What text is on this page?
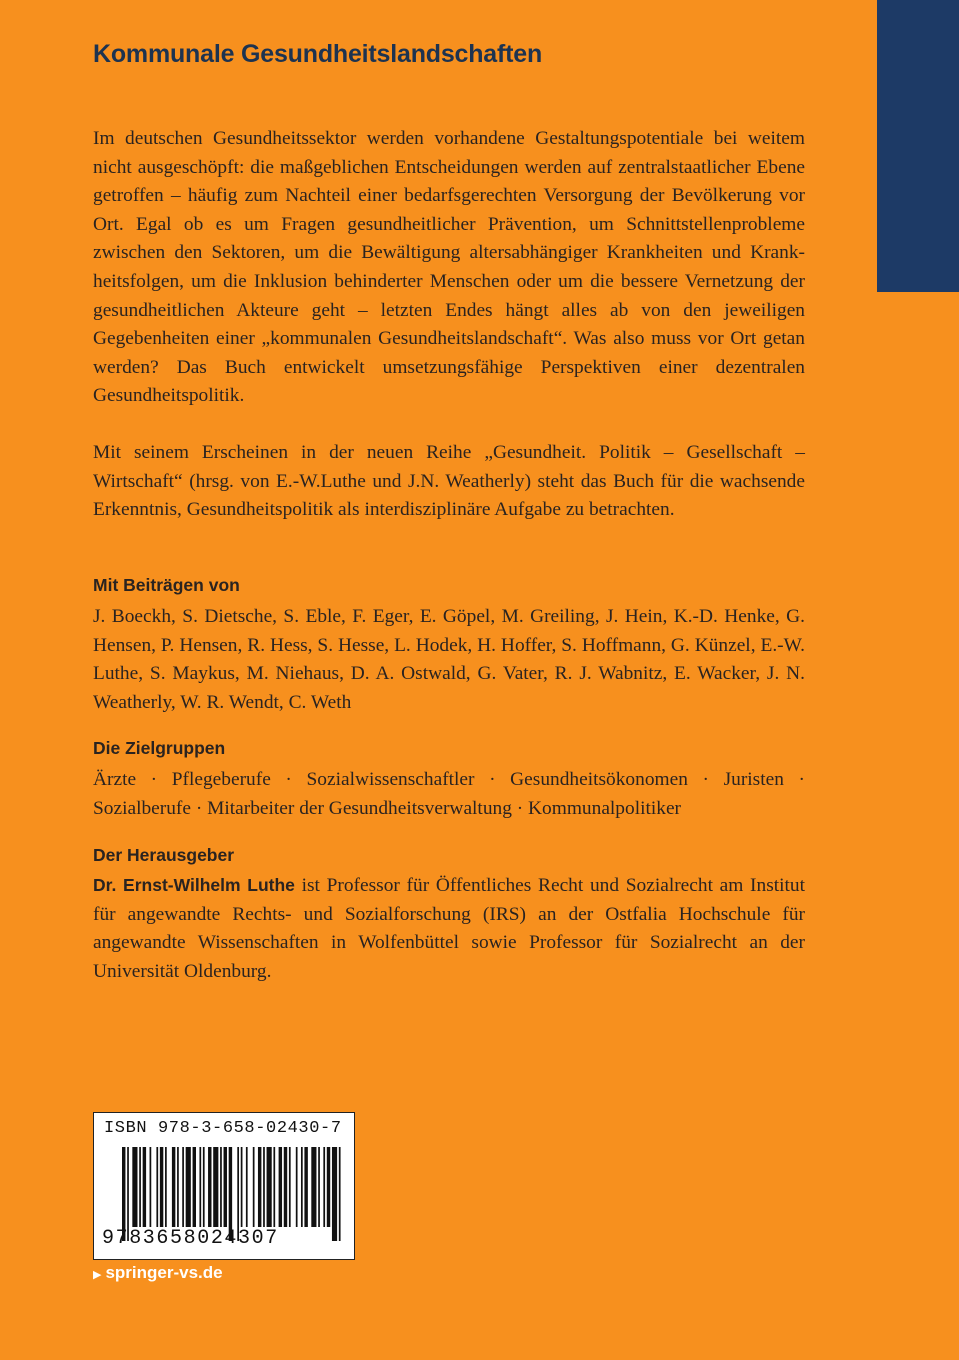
Kommunale Gesundheitslandschaften

Im deutschen Gesundheitssektor werden vorhandene Gestaltungspotentiale bei weitem nicht ausgeschöpft: die maßgeblichen Entscheidungen werden auf zentralstaatlicher Ebene getroffen – häufig zum Nachteil einer bedarfsgerechten Versorgung der Bevölkerung vor Ort. Egal ob es um Fragen gesundheitlicher Prävention, um Schnittstellenprobleme zwischen den Sektoren, um die Bewältigung altersabhängiger Krankheiten und Krankheitsfolgen, um die Inklusion behinderter Menschen oder um die bessere Vernetzung der gesundheitlichen Akteure geht – letzten Endes hängt alles ab von den jeweiligen Gegebenheiten einer „kommunalen Gesundheitslandschaft“. Was also muss vor Ort getan werden? Das Buch entwickelt umsetzungsfähige Perspektiven einer dezentralen Gesundheitspolitik.

Mit seinem Erscheinen in der neuen Reihe „Gesundheit. Politik – Gesellschaft – Wirtschaft“ (hrsg. von E.-W.Luthe und J.N. Weatherly) steht das Buch für die wachsende Erkenntnis, Gesundheitspolitik als interdisziplinäre Aufgabe zu betrachten.

Mit Beiträgen von

J. Boeckh, S. Dietsche, S. Eble, F. Eger, E. Göpel, M. Greiling, J. Hein, K.-D. Henke, G. Hensen, P. Hensen, R. Hess, S. Hesse, L. Hodek, H. Hoffer, S. Hoffmann, G. Künzel, E.-W. Luthe, S. Maykus, M. Niehaus, D. A. Ostwald, G. Vater, R. J. Wabnitz, E. Wacker, J. N. Weatherly, W. R. Wendt, C. Weth

Die Zielgruppen

Ärzte · Pflegeberufe · Sozialwissenschaftler · Gesundheitsökonomen · Juristen · Sozialberufe · Mitarbeiter der Gesundheitsverwaltung · Kommunalpolitiker

Der Herausgeber

Dr. Ernst-Wilhelm Luthe ist Professor für Öffentliches Recht und Sozialrecht am Institut für angewandte Rechts- und Sozialforschung (IRS) an der Ostfalia Hochschule für angewandte Wissenschaften in Wolfenbüttel sowie Professor für Sozialrecht an der Universität Oldenburg.

ISBN 978-3-658-02430-7
9783658024307
▶ springer-vs.de
